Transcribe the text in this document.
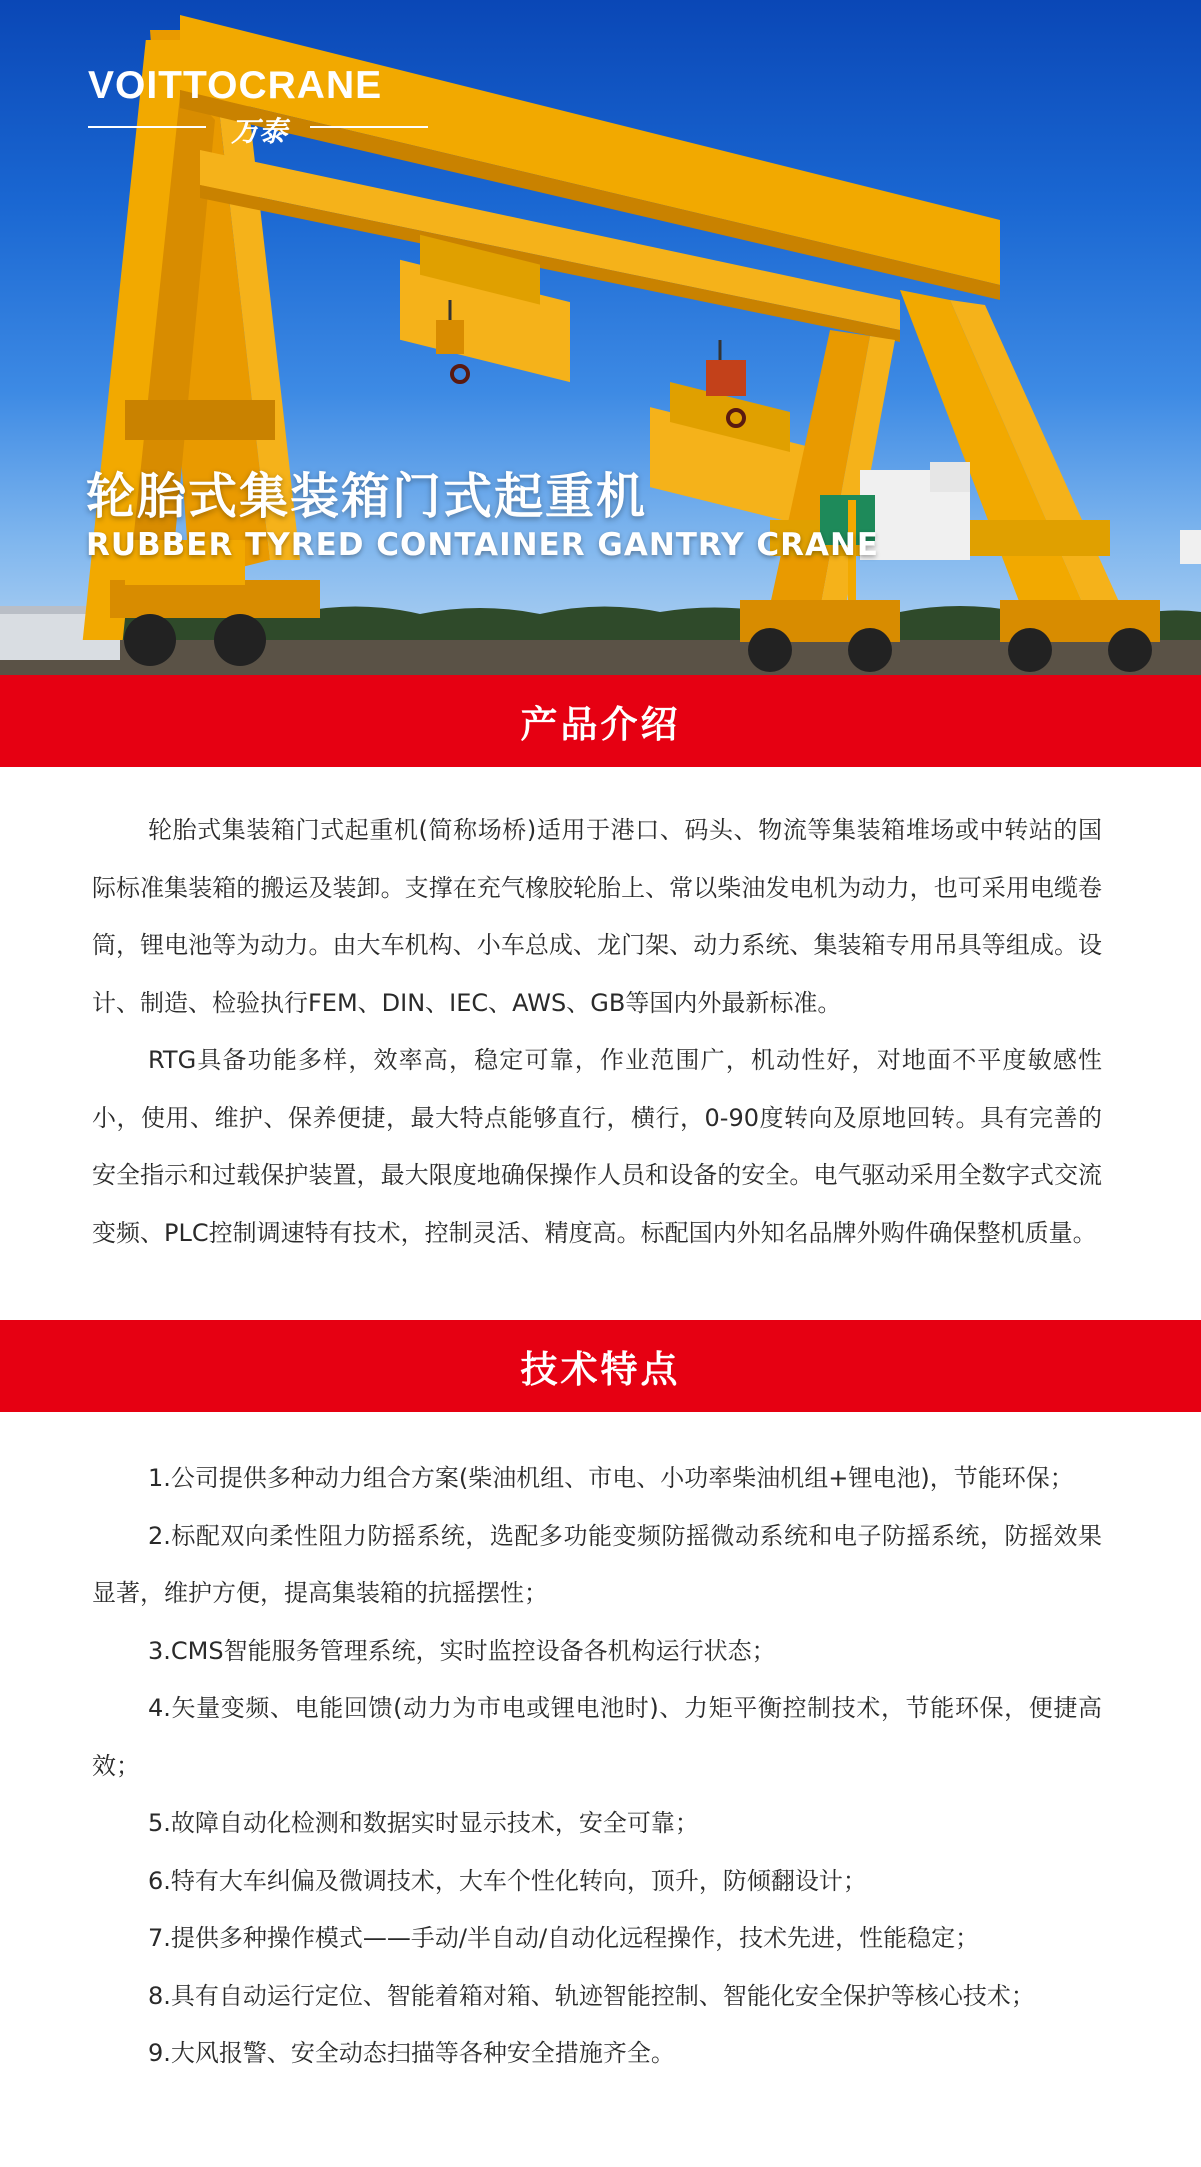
VOITTOCRANE
万泰
轮胎式集装箱门式起重机
RUBBER TYRED CONTAINER GANTRY CRANE
产品介绍

轮胎式集装箱门式起重机(简称场桥)适用于港口、码头、物流等集装箱堆场或中转站的国际标准集装箱的搬运及装卸。支撑在充气橡胶轮胎上、常以柴油发电机为动力，也可采用电缆卷筒，锂电池等为动力。由大车机构、小车总成、龙门架、动力系统、集装箱专用吊具等组成。设计、制造、检验执行FEM、DIN、IEC、AWS、GB等国内外最新标准。

RTG具备功能多样，效率高，稳定可靠，作业范围广，机动性好，对地面不平度敏感性小，使用、维护、保养便捷，最大特点能够直行，横行，0-90度转向及原地回转。具有完善的安全指示和过载保护装置，最大限度地确保操作人员和设备的安全。电气驱动采用全数字式交流变频、PLC控制调速特有技术，控制灵活、精度高。标配国内外知名品牌外购件确保整机质量。

技术特点

1.公司提供多种动力组合方案(柴油机组、市电、小功率柴油机组+锂电池)，节能环保；

2.标配双向柔性阻力防摇系统，选配多功能变频防摇微动系统和电子防摇系统，防摇效果显著，维护方便，提高集装箱的抗摇摆性；

3.CMS智能服务管理系统，实时监控设备各机构运行状态；

4.矢量变频、电能回馈(动力为市电或锂电池时)、力矩平衡控制技术，节能环保，便捷高效；

5.故障自动化检测和数据实时显示技术，安全可靠；

6.特有大车纠偏及微调技术，大车个性化转向，顶升，防倾翻设计；

7.提供多种操作模式——手动/半自动/自动化远程操作，技术先进，性能稳定；

8.具有自动运行定位、智能着箱对箱、轨迹智能控制、智能化安全保护等核心技术；

9.大风报警、安全动态扫描等各种安全措施齐全。
